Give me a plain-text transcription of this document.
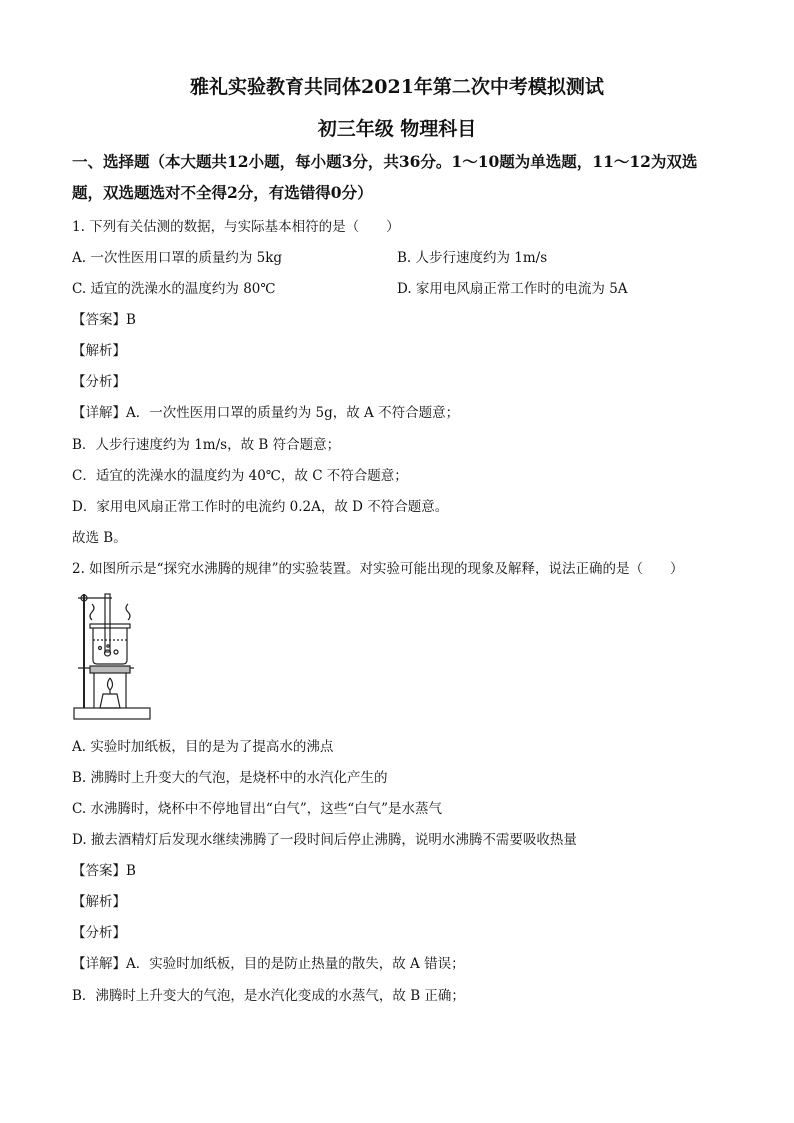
雅礼实验教育共同体2021年第二次中考模拟测试
初三年级 物理科目
一、选择题（本大题共12小题，每小题3分，共36分。1～10题为单选题，11～12为双选
题，双选题选对不全得2分，有选错得0分）
1. 下列有关估测的数据，与实际基本相符的是（　　）
A. 一次性医用口罩的质量约为 5kg	B. 人步行速度约为 1m/s
C. 适宜的洗澡水的温度约为 80℃	D. 家用电风扇正常工作时的电流为 5A
【答案】B
【解析】
【分析】
【详解】A．一次性医用口罩的质量约为 5g，故 A 不符合题意；
B．人步行速度约为 1m/s，故 B 符合题意；
C．适宜的洗澡水的温度约为 40℃，故 C 不符合题意；
D．家用电风扇正常工作时的电流约 0.2A，故 D 不符合题意。
故选 B。
2. 如图所示是“探究水沸腾的规律”的实验装置。对实验可能出现的现象及解释，说法正确的是（　　）
A. 实验时加纸板，目的是为了提高水的沸点
B. 沸腾时上升变大的气泡，是烧杯中的水汽化产生的
C. 水沸腾时，烧杯中不停地冒出“白气”，这些“白气”是水蒸气
D. 撤去酒精灯后发现水继续沸腾了一段时间后停止沸腾，说明水沸腾不需要吸收热量
【答案】B
【解析】
【分析】
【详解】A．实验时加纸板，目的是防止热量的散失，故 A 错误；
B．沸腾时上升变大的气泡，是水汽化变成的水蒸气，故 B 正确；
